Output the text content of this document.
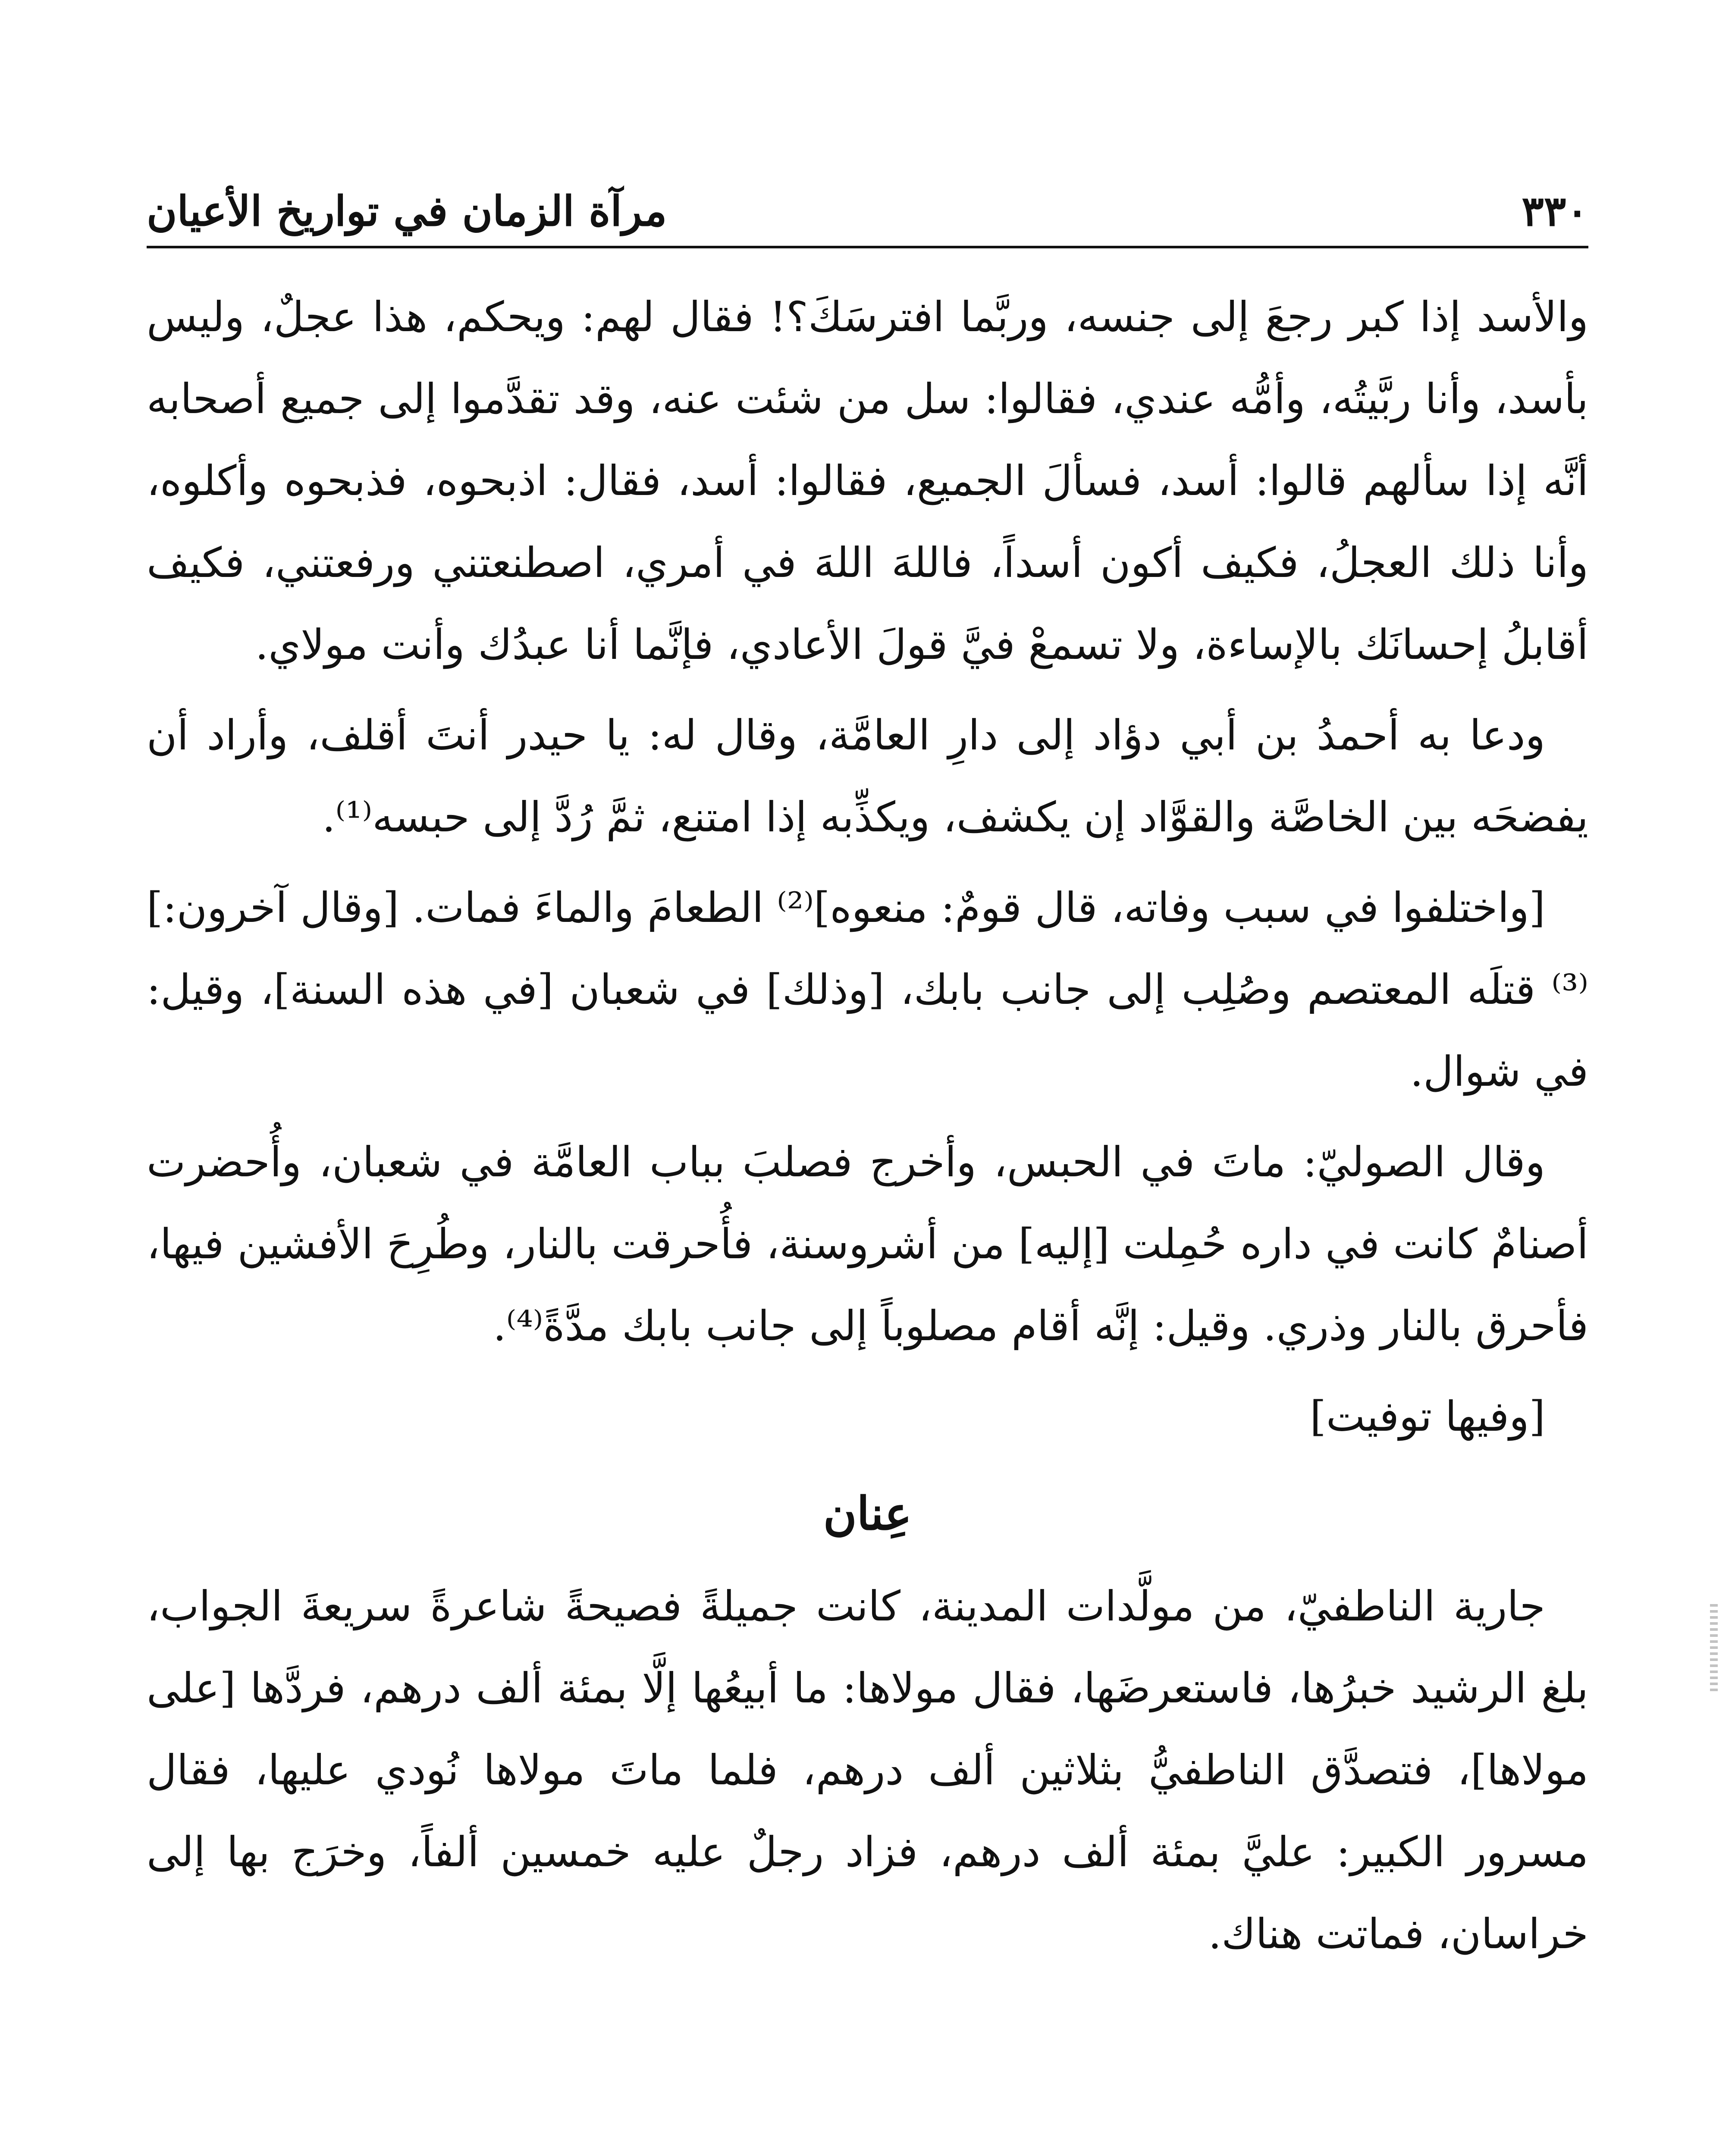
٣٣٠
مرآة الزمان في تواريخ الأعيان

والأسد إذا كبر رجعَ إلى جنسه، وربَّما افترسَكَ؟! فقال لهم: ويحكم، هذا عجلٌ، وليس بأسد، وأنا ربَّيتُه، وأمُّه عندي، فقالوا: سل من شئت عنه، وقد تقدَّموا إلى جميع أصحابه أنَّه إذا سألهم قالوا: أسد، فسألَ الجميع، فقالوا: أسد، فقال: اذبحوه، فذبحوه وأكلوه، وأنا ذلك العجلُ، فكيف أكون أسداً، فاللهَ اللهَ في أمري، اصطنعتني ورفعتني، فكيف أقابلُ إحسانَك بالإساءة، ولا تسمعْ فيَّ قولَ الأعادي، فإنَّما أنا عبدُك وأنت مولاي.

ودعا به أحمدُ بن أبي دؤاد إلى دارِ العامَّة، وقال له: يا حيدر أنتَ أقلف، وأراد أن يفضحَه بين الخاصَّة والقوَّاد إن يكشف، ويكذِّبه إذا امتنع، ثمَّ رُدَّ إلى حبسه⁽¹⁾.

[واختلفوا في سبب وفاته، قال قومٌ: منعوه]⁽²⁾ الطعامَ والماءَ فمات. [وقال آخرون:]⁽³⁾ قتلَه المعتصم وصُلِب إلى جانب بابك، [وذلك] في شعبان [في هذه السنة]، وقيل: في شوال.

وقال الصوليّ: ماتَ في الحبس، وأخرج فصلبَ بباب العامَّة في شعبان، وأُحضرت أصنامٌ كانت في داره حُمِلت [إليه] من أشروسنة، فأُحرقت بالنار، وطُرِحَ الأفشين فيها، فأحرق بالنار وذري. وقيل: إنَّه أقام مصلوباً إلى جانب بابك مدَّةً⁽⁴⁾.

[وفيها توفيت]

عِنان

جارية الناطفيّ، من مولَّدات المدينة، كانت جميلةً فصيحةً شاعرةً سريعةَ الجواب، بلغ الرشيد خبرُها، فاستعرضَها، فقال مولاها: ما أبيعُها إلَّا بمئة ألف درهم، فردَّها [على مولاها]، فتصدَّق الناطفيُّ بثلاثين ألف درهم، فلما ماتَ مولاها نُودي عليها، فقال مسرور الكبير: عليَّ بمئة ألف درهم، فزاد رجلٌ عليه خمسين ألفاً، وخرَج بها إلى خراسان، فماتت هناك.
